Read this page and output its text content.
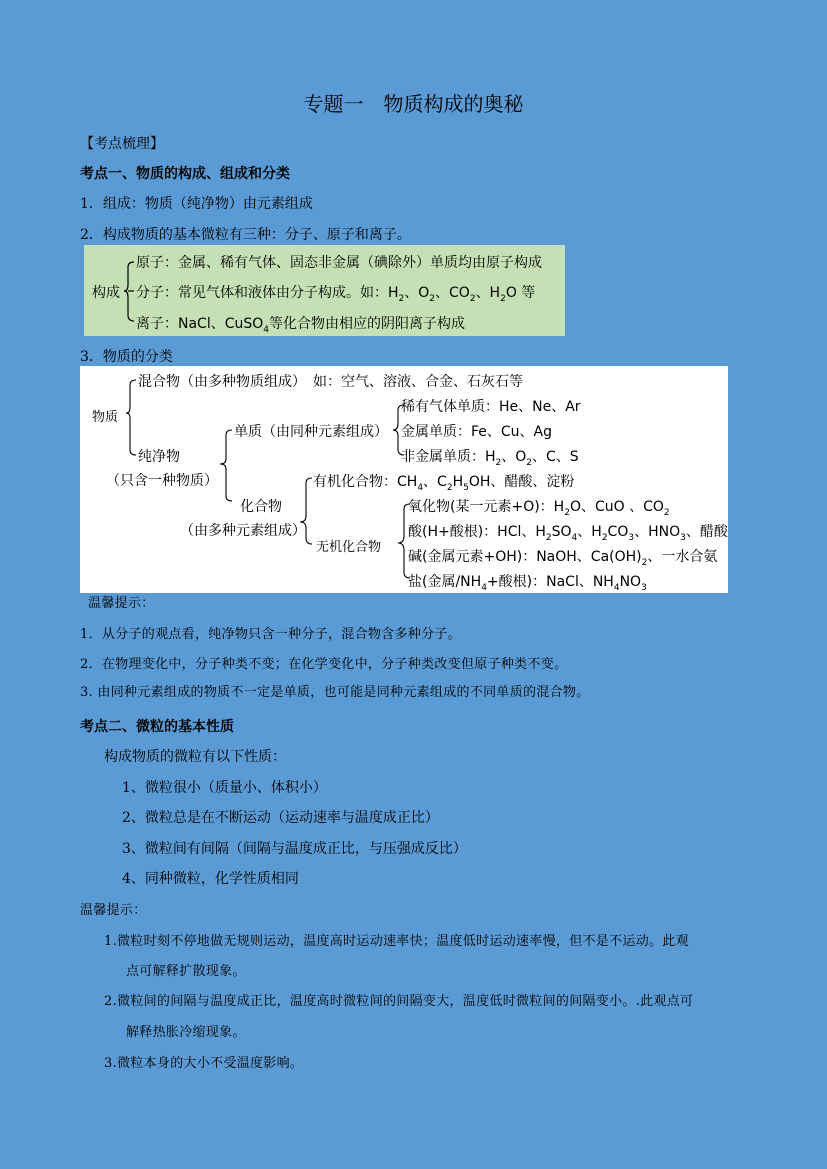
专题一　物质构成的奥秘
【考点梳理】
考点一、物质的构成、组成和分类
1．组成：物质（纯净物）由元素组成
2．构成物质的基本微粒有三种：分子、原子和离子。
构成
原子：金属、稀有气体、固态非金属（碘除外）单质均由原子构成
分子：常见气体和液体由分子构成。如：$H_2$、$O_2$、$CO_2$、$H_2O$ 等
离子：NaCl、CuSO$_4$等化合物由相应的阴阳离子构成
3．物质的分类
物质
混合物（由多种物质组成）　如：空气、溶液、合金、石灰石等
纯净物
（只含一种物质）
单质（由同种元素组成）
稀有气体单质：He、Ne、Ar
金属单质：Fe、Cu、Ag
非金属单质：$H_2$、$O_2$、C、S
化合物
（由多种元素组成）
有机化合物：$CH_4$、$C_2H_5OH$、醋酸、淀粉
无机化合物
氧化物(某一元素+O)：$H_2O$、CuO 、$CO_2$
酸(H+酸根)：HCl、$H_2SO_4$、$H_2CO_3$、$HNO_3$、醋酸
碱(金属元素+OH)：NaOH、$Ca(OH)_2$、一水合氨
盐(金属$/NH_4+$酸根)：NaCl、$NH_4NO_3$
温馨提示：
1．从分子的观点看，纯净物只含一种分子，混合物含多种分子。
2．在物理变化中，分子种类不变；在化学变化中，分子种类改变但原子种类不变。
3. 由同种元素组成的物质不一定是单质，也可能是同种元素组成的不同单质的混合物。
考点二、微粒的基本性质
构成物质的微粒有以下性质：
1、微粒很小（质量小、体积小）
2、微粒总是在不断运动（运动速率与温度成正比）
3、微粒间有间隔（间隔与温度成正比，与压强成反比）
4、同种微粒，化学性质相同
温馨提示：
1.微粒时刻不停地做无规则运动，温度高时运动速率快；温度低时运动速率慢，但不是不运动。此观
点可解释扩散现象。
2.微粒间的间隔与温度成正比，温度高时微粒间的间隔变大，温度低时微粒间的间隔变小。.此观点可
解释热胀冷缩现象。
3.微粒本身的大小不受温度影响。
